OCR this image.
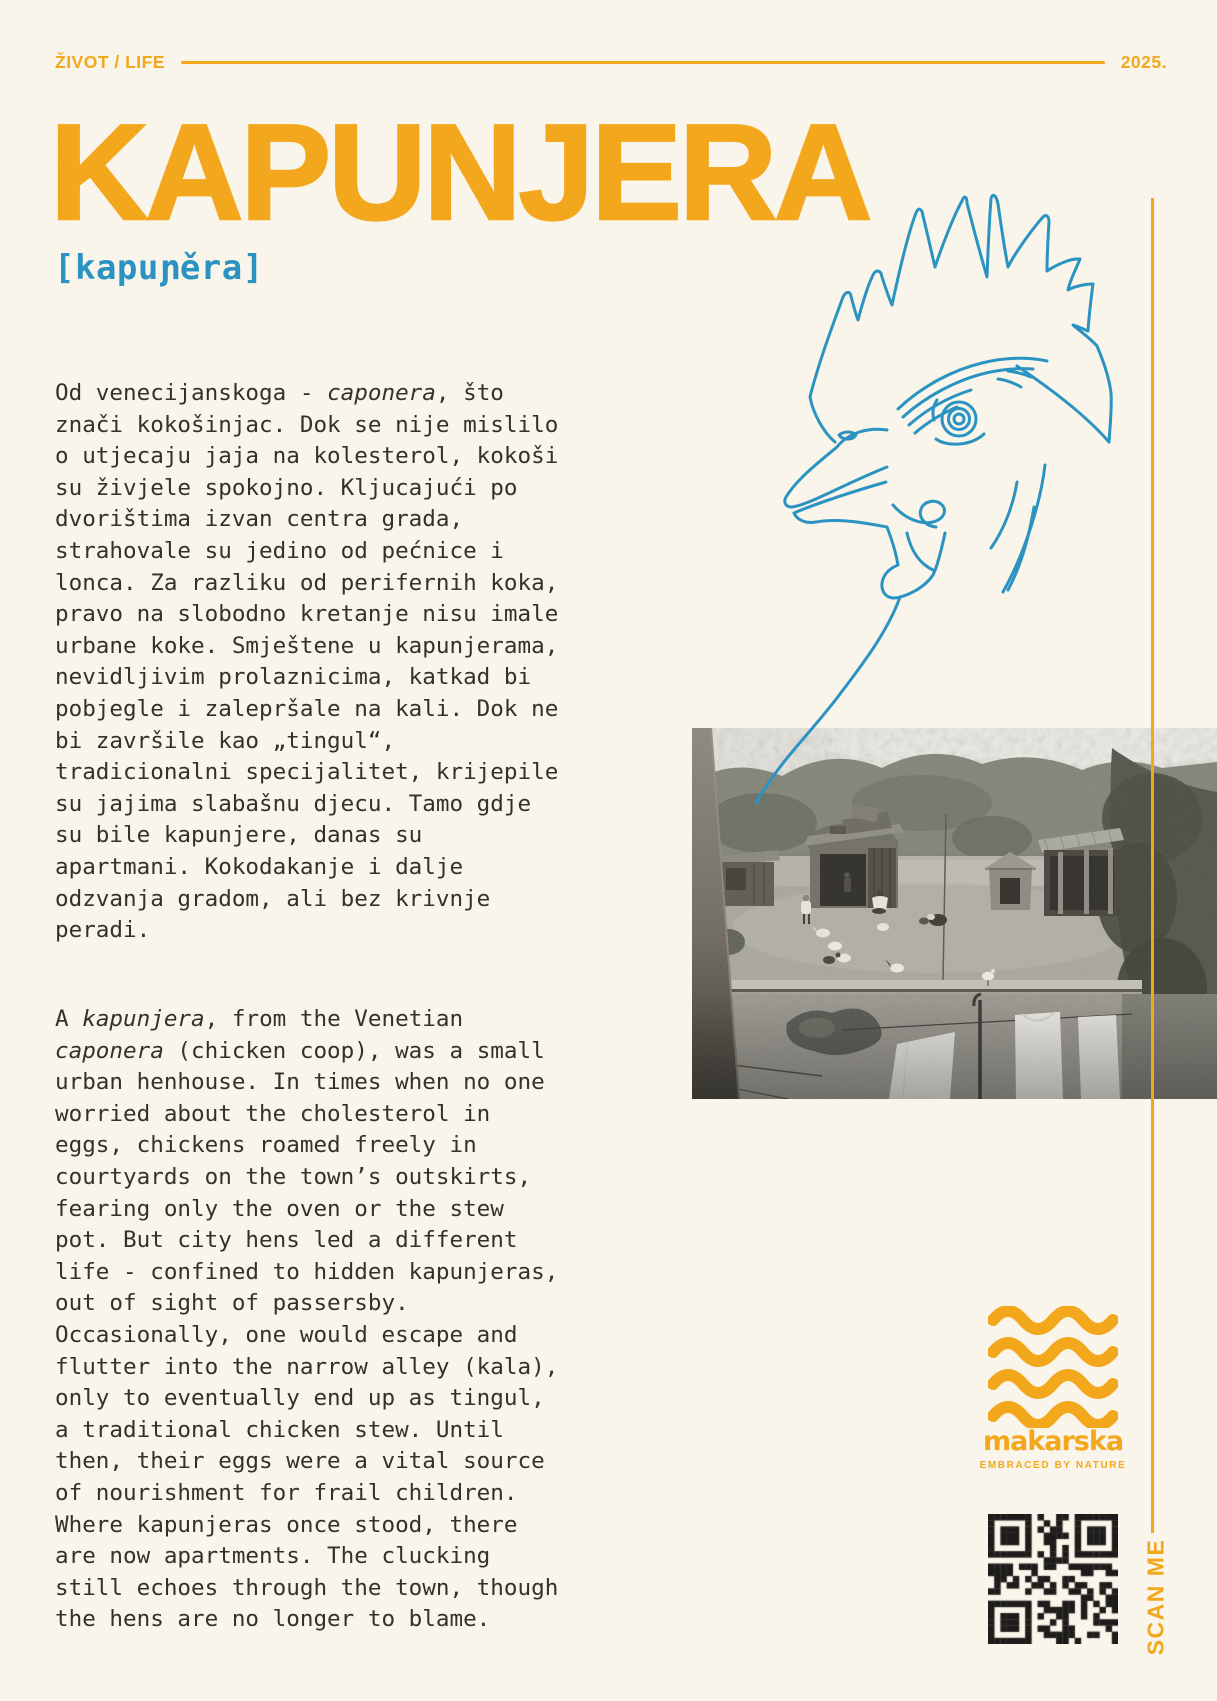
ŽIVOT / LIFE	2025.
KAPUNJERA
[kapuɲěra]
Od venecijanskoga - caponera, što
znači kokošinjac. Dok se nije mislilo
o utjecaju jaja na kolesterol, kokoši
su živjele spokojno. Kljucajući po
dvorištima izvan centra grada,
strahovale su jedino od pećnice i
lonca. Za razliku od perifernih koka,
pravo na slobodno kretanje nisu imale
urbane koke. Smještene u kapunjerama,
nevidljivim prolaznicima, katkad bi
pobjegle i zalepršale na kali. Dok ne
bi završile kao „tingul“,
tradicionalni specijalitet, krijepile
su jajima slabašnu djecu. Tamo gdje
su bile kapunjere, danas su
apartmani. Kokodakanje i dalje
odzvanja gradom, ali bez krivnje
peradi.
A kapunjera, from the Venetian
caponera (chicken coop), was a small
urban henhouse. In times when no one
worried about the cholesterol in
eggs, chickens roamed freely in
courtyards on the town’s outskirts,
fearing only the oven or the stew
pot. But city hens led a different
life - confined to hidden kapunjeras,
out of sight of passersby.
Occasionally, one would escape and
flutter into the narrow alley (kala),
only to eventually end up as tingul,
a traditional chicken stew. Until
then, their eggs were a vital source
of nourishment for frail children.
Where kapunjeras once stood, there
are now apartments. The clucking
still echoes through the town, though
the hens are no longer to blame.
makarska
EMBRACED BY NATURE
SCAN ME
